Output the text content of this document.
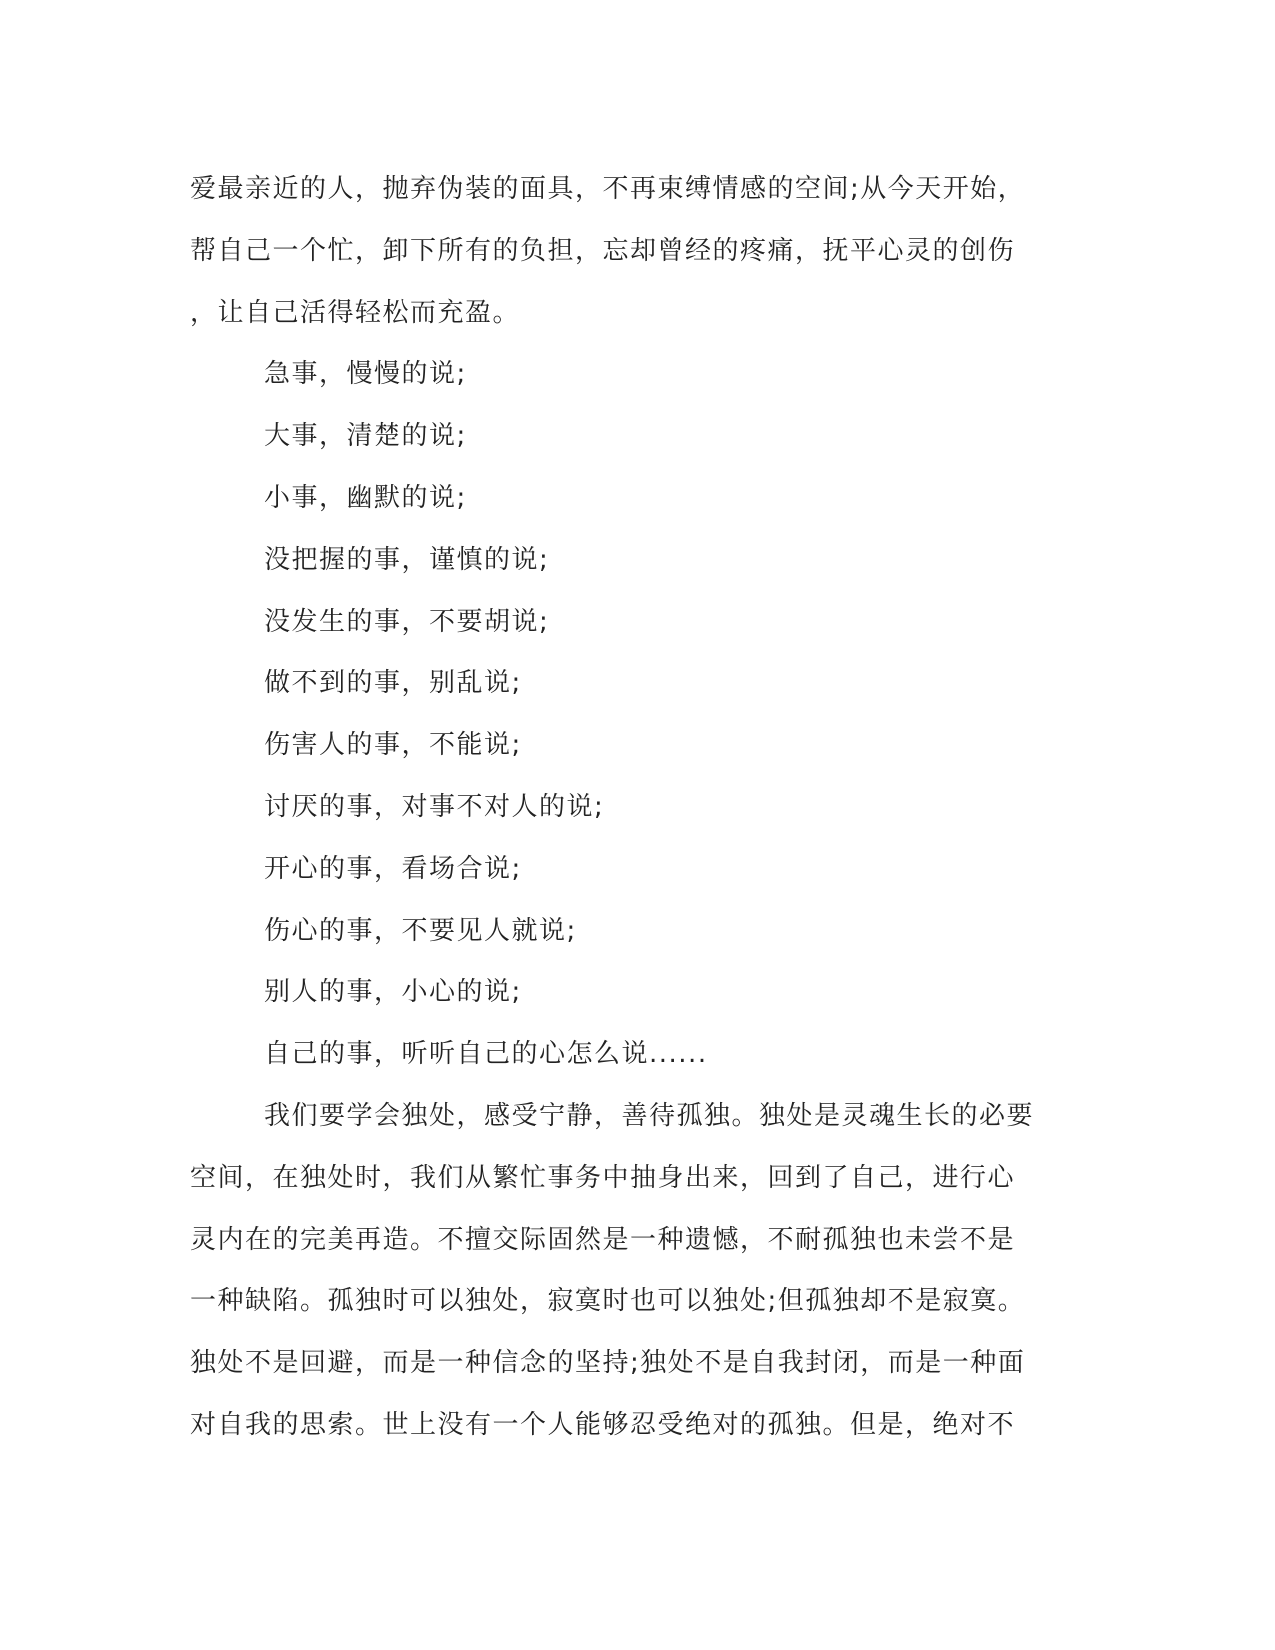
爱最亲近的人，抛弃伪装的面具，不再束缚情感的空间;从今天开始，
帮自己一个忙，卸下所有的负担，忘却曾经的疼痛，抚平心灵的创伤
，让自己活得轻松而充盈。
急事，慢慢的说;
大事，清楚的说;
小事，幽默的说;
没把握的事，谨慎的说;
没发生的事，不要胡说;
做不到的事，别乱说;
伤害人的事，不能说;
讨厌的事，对事不对人的说;
开心的事，看场合说;
伤心的事，不要见人就说;
别人的事，小心的说;
自己的事，听听自己的心怎么说......
我们要学会独处，感受宁静，善待孤独。独处是灵魂生长的必要
空间，在独处时，我们从繁忙事务中抽身出来，回到了自己，进行心
灵内在的完美再造。不擅交际固然是一种遗憾，不耐孤独也未尝不是
一种缺陷。孤独时可以独处，寂寞时也可以独处;但孤独却不是寂寞。
独处不是回避，而是一种信念的坚持;独处不是自我封闭，而是一种面
对自我的思索。世上没有一个人能够忍受绝对的孤独。但是，绝对不
